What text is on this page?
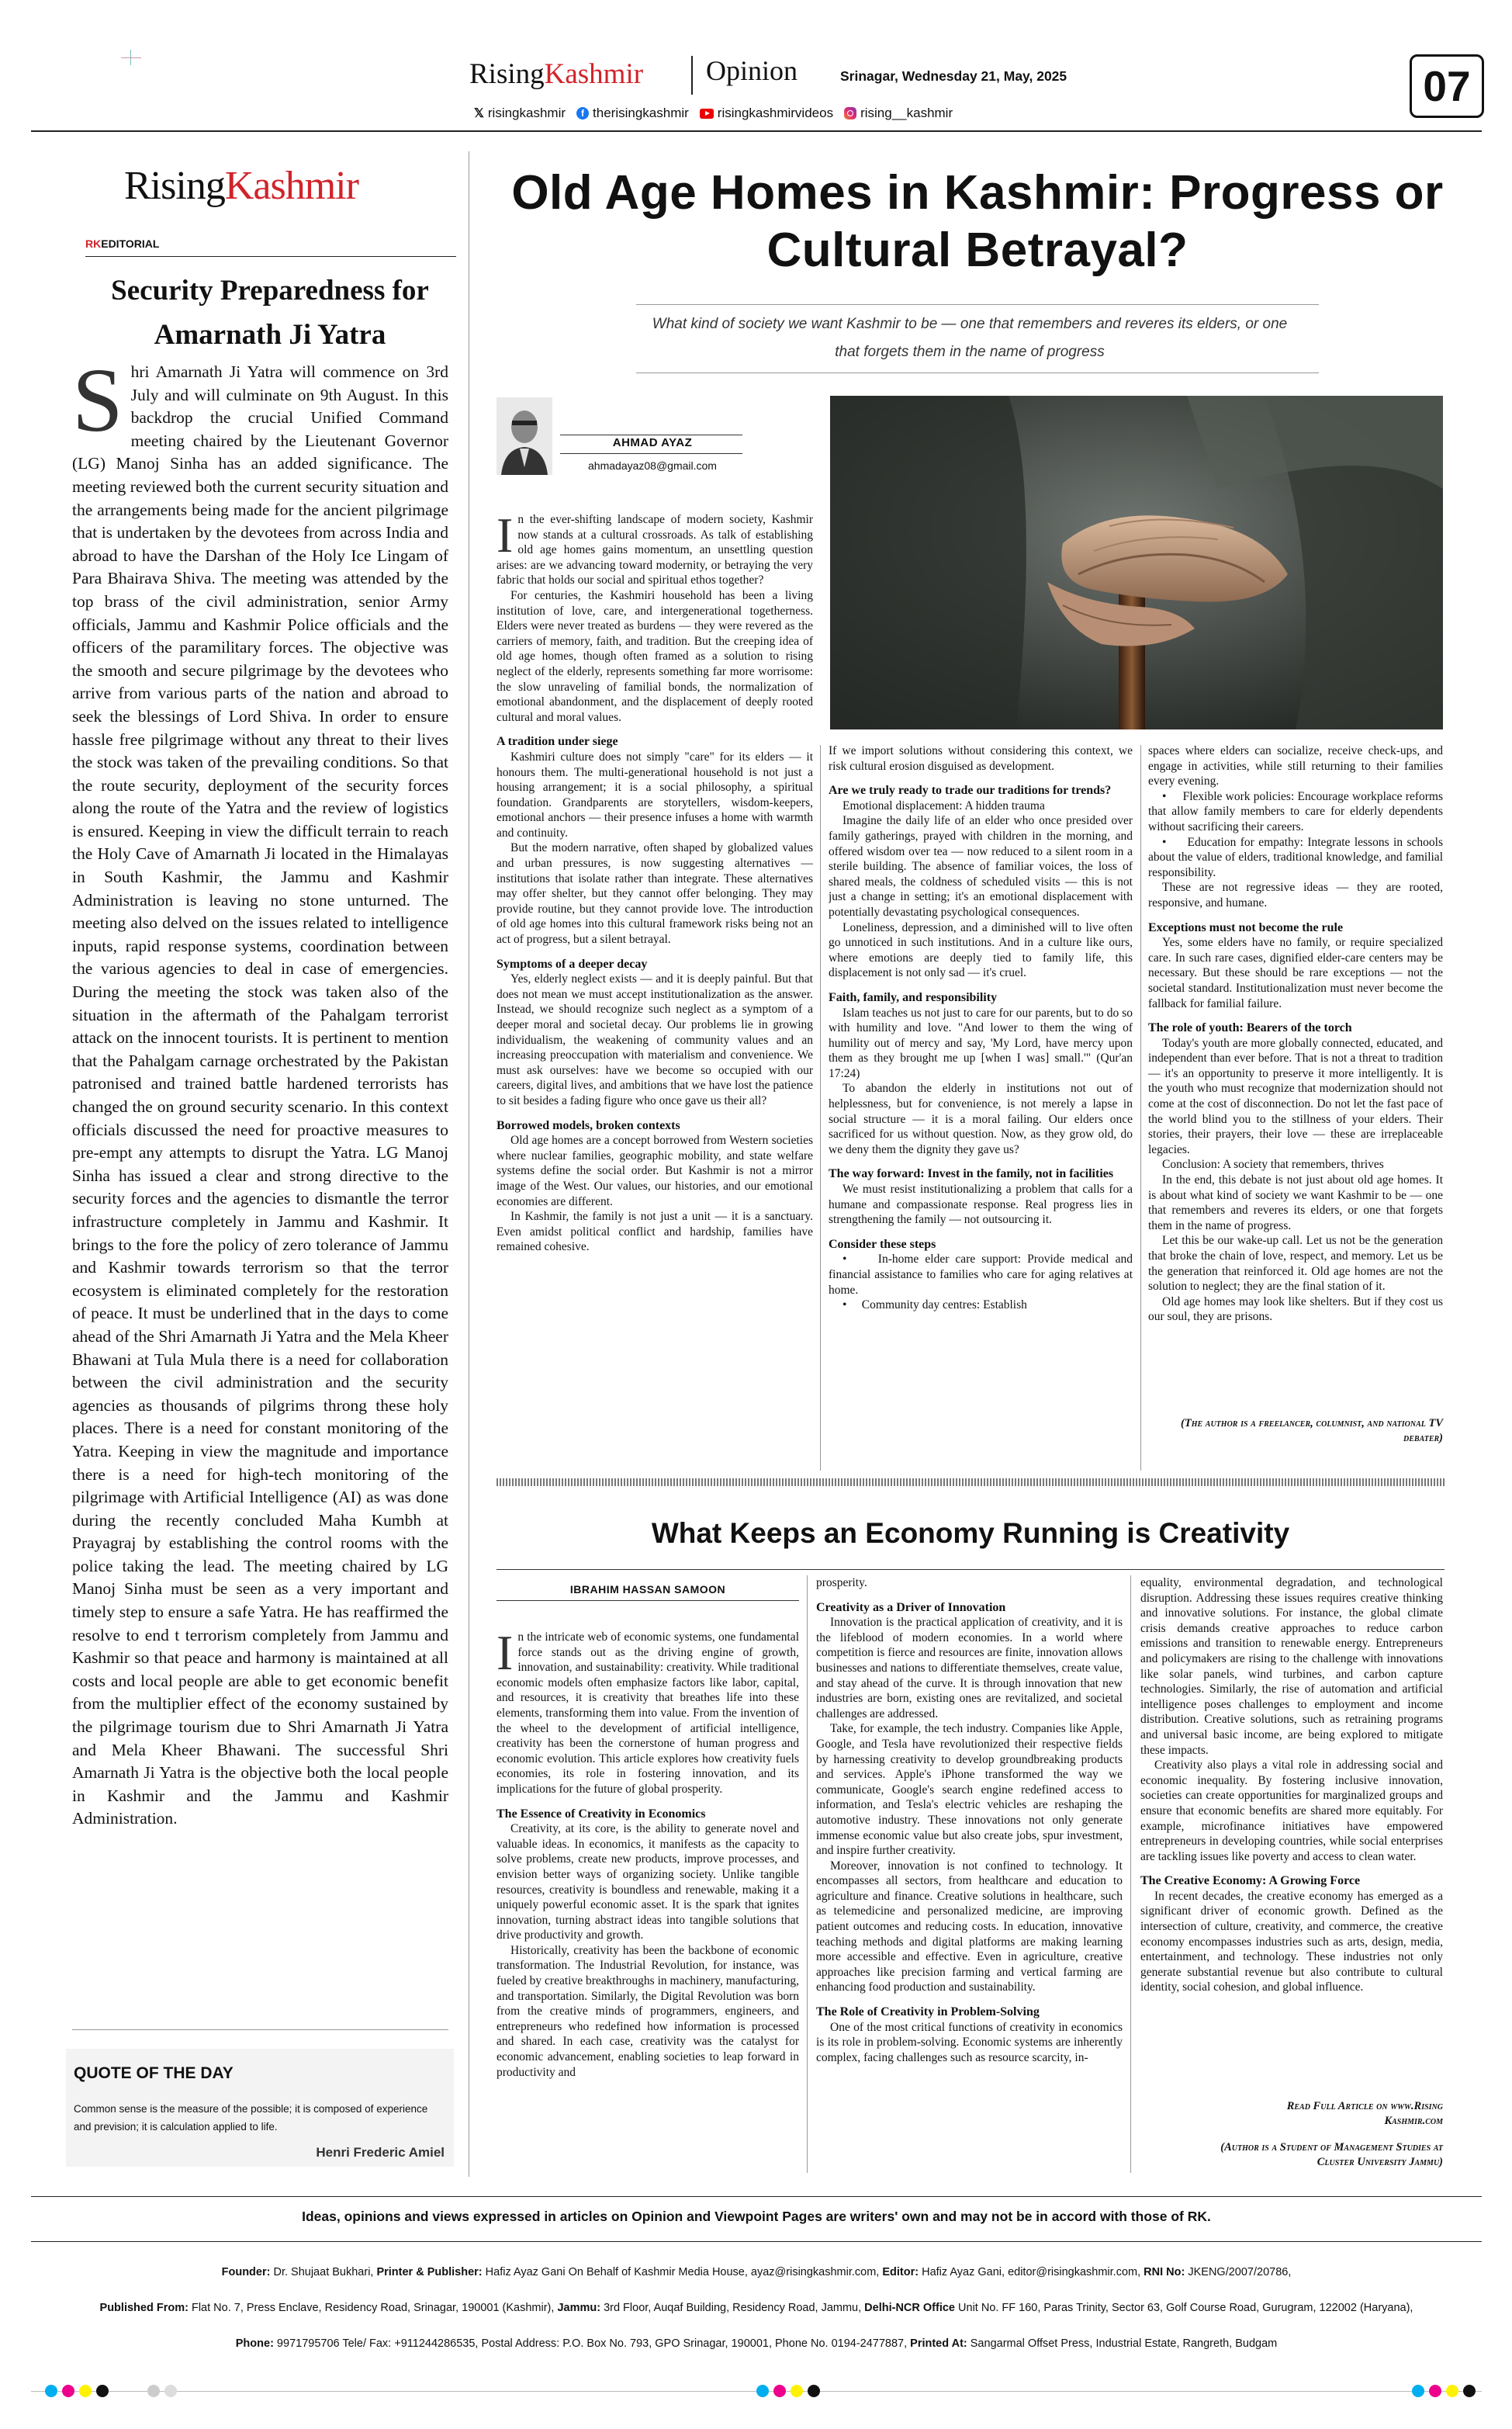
RisingKashmir Opinion	Srinagar, Wednesday 21, May, 2025
𝕏 risingkashmir	f therisingkashmir risingkashmirvideos rising__kashmir
07
RisingKashmir
RKEDITORIAL
Security Preparedness for Amarnath Ji Yatra
Shri Amarnath Ji Yatra will commence on 3rd July and will culminate on 9th August. In this backdrop the crucial Unified Command meeting chaired by the Lieutenant Governor (LG) Manoj Sinha has an added significance. The meeting reviewed both the current security situation and the arrangements being made for the ancient pilgrimage that is undertaken by the devotees from across India and abroad to have the Darshan of the Holy Ice Lingam of Para Bhairava Shiva. The meeting was attended by the top brass of the civil administration, senior Army officials, Jammu and Kashmir Police officials and the officers of the paramilitary forces. The objective was the smooth and secure pilgrimage by the devotees who arrive from various parts of the nation and abroad to seek the blessings of Lord Shiva. In order to ensure hassle free pilgrimage without any threat to their lives the stock was taken of the prevailing conditions. So that the route security, deployment of the security forces along the route of the Yatra and the review of logistics is ensured. Keeping in view the difficult terrain to reach the Holy Cave of Amarnath Ji located in the Himalayas in South Kashmir, the Jammu and Kashmir Administration is leaving no stone unturned. The meeting also delved on the issues related to intelligence inputs, rapid response systems, coordination between the various agencies to deal in case of emergencies. During the meeting the stock was taken also of the situation in the aftermath of the Pahalgam terrorist attack on the innocent tourists. It is pertinent to mention that the Pahalgam carnage orchestrated by the Pakistan patronised and trained battle hardened terrorists has changed the on ground security scenario. In this context officials discussed the need for proactive measures to pre-empt any attempts to disrupt the Yatra. LG Manoj Sinha has issued a clear and strong directive to the security forces and the agencies to dismantle the terror infrastructure completely in Jammu and Kashmir. It brings to the fore the policy of zero tolerance of Jammu and Kashmir towards terrorism so that the terror ecosystem is eliminated completely for the restoration of peace. It must be underlined that in the days to come ahead of the Shri Amarnath Ji Yatra and the Mela Kheer Bhawani at Tula Mula there is a need for collaboration between the civil administration and the security agencies as thousands of pilgrims throng these holy places. There is a need for constant monitoring of the Yatra. Keeping in view the magnitude and importance there is a need for high-tech monitoring of the pilgrimage with Artificial Intelligence (AI) as was done during the recently concluded Maha Kumbh at Prayagraj by establishing the control rooms with the police taking the lead. The meeting chaired by LG Manoj Sinha must be seen as a very important and timely step to ensure a safe Yatra. He has reaffirmed the resolve to end t terrorism completely from Jammu and Kashmir so that peace and harmony is maintained at all costs and local people are able to get economic benefit from the multiplier effect of the economy sustained by the pilgrimage tourism due to Shri Amarnath Ji Yatra and Mela Kheer Bhawani. The successful Shri Amarnath Ji Yatra is the objective both the local people in Kashmir and the Jammu and Kashmir Administration.
QUOTE OF THE DAY
Common sense is the measure of the possible; it is composed of experience and prevision; it is calculation applied to life.
Henri Frederic Amiel
Old Age Homes in Kashmir: Progress or Cultural Betrayal?
What kind of society we want Kashmir to be — one that remembers and reveres its elders, or one that forgets them in the name of progress
AHMAD AYAZ
ahmadayaz08@gmail.com
I n the ever-shifting landscape of modern society, Kashmir now stands at a cultural crossroads. As talk of establishing old age homes gains momentum, an unsettling question arises: are we advancing toward modernity, or betraying the very fabric that holds our social and spiritual ethos together?

For centuries, the Kashmiri household has been a living institution of love, care, and intergenerational togetherness. Elders were never treated as burdens — they were revered as the carriers of memory, faith, and tradition. But the creeping idea of old age homes, though often framed as a solution to rising neglect of the elderly, represents something far more worrisome: the slow unraveling of familial bonds, the normalization of emotional abandonment, and the displacement of deeply rooted cultural and moral values.

A tradition under siege

Kashmiri culture does not simply "care" for its elders — it honours them. The multi-generational household is not just a housing arrangement; it is a social philosophy, a spiritual foundation. Grandparents are storytellers, wisdom-keepers, emotional anchors — their presence infuses a home with warmth and continuity.

But the modern narrative, often shaped by globalized values and urban pressures, is now suggesting alternatives — institutions that isolate rather than integrate. These alternatives may offer shelter, but they cannot offer belonging. They may provide routine, but they cannot provide love. The introduction of old age homes into this cultural framework risks being not an act of progress, but a silent betrayal.

Symptoms of a deeper decay

Yes, elderly neglect exists — and it is deeply painful. But that does not mean we must accept institutionalization as the answer. Instead, we should recognize such neglect as a symptom of a deeper moral and societal decay. Our problems lie in growing individualism, the weakening of community values and an increasing preoccupation with materialism and convenience. We must ask ourselves: have we become so occupied with our careers, digital lives, and ambitions that we have lost the patience to sit besides a fading figure who once gave us their all?

Borrowed models, broken contexts

Old age homes are a concept borrowed from Western societies where nuclear families, geographic mobility, and state welfare systems define the social order. But Kashmir is not a mirror image of the West. Our values, our histories, and our emotional economies are different.

In Kashmir, the family is not just a unit — it is a sanctuary. Even amidst political conflict and hardship, families have remained cohesive.

If we import solutions without considering this context, we risk cultural erosion disguised as development.

Are we truly ready to trade our traditions for trends?

Emotional displacement: A hidden trauma

Imagine the daily life of an elder who once presided over family gatherings, prayed with children in the morning, and offered wisdom over tea — now reduced to a silent room in a sterile building. The absence of familiar voices, the loss of shared meals, the coldness of scheduled visits — this is not just a change in setting; it's an emotional displacement with potentially devastating psychological consequences.

Loneliness, depression, and a diminished will to live often go unnoticed in such institutions. And in a culture like ours, where emotions are deeply tied to family life, this displacement is not only sad — it's cruel.

Faith, family, and responsibility

Islam teaches us not just to care for our parents, but to do so with humility and love. "And lower to them the wing of humility out of mercy and say, 'My Lord, have mercy upon them as they brought me up [when I was] small.'" (Qur'an 17:24)

To abandon the elderly in institutions not out of helplessness, but for convenience, is not merely a lapse in social structure — it is a moral failing. Our elders once sacrificed for us without question. Now, as they grow old, do we deny them the dignity they gave us?

The way forward: Invest in the family, not in facilities

We must resist institutionalizing a problem that calls for a humane and compassionate response. Real progress lies in strengthening the family — not outsourcing it.

Consider these steps

•     In-home elder care support: Provide medical and financial assistance to families who care for aging relatives at home.

•     Community day centres: Establish

spaces where elders can socialize, receive check-ups, and engage in activities, while still returning to their families every evening.

•     Flexible work policies: Encourage workplace reforms that allow family members to care for elderly dependents without sacrificing their careers.

•     Education for empathy: Integrate lessons in schools about the value of elders, traditional knowledge, and familial responsibility.

These are not regressive ideas — they are rooted, responsive, and humane.

Exceptions must not become the rule

Yes, some elders have no family, or require specialized care. In such rare cases, dignified elder-care centers may be necessary. But these should be rare exceptions — not the societal standard. Institutionalization must never become the fallback for familial failure.

The role of youth: Bearers of the torch

Today's youth are more globally connected, educated, and independent than ever before. That is not a threat to tradition — it's an opportunity to preserve it more intelligently. It is the youth who must recognize that modernization should not come at the cost of disconnection. Do not let the fast pace of the world blind you to the stillness of your elders. Their stories, their prayers, their love — these are irreplaceable legacies.

Conclusion: A society that remembers, thrives

In the end, this debate is not just about old age homes. It is about what kind of society we want Kashmir to be — one that remembers and reveres its elders, or one that forgets them in the name of progress.

Let this be our wake-up call. Let us not be the generation that broke the chain of love, respect, and memory. Let us be the generation that reinforced it. Old age homes are not the solution to neglect; they are the final station of it.

Old age homes may look like shelters. But if they cost us our soul, they are prisons.

(The author is a freelancer, columnist, and national TV debater)
What Keeps an Economy Running is Creativity
IBRAHIM HASSAN SAMOON
I n the intricate web of economic systems, one fundamental force stands out as the driving engine of growth, innovation, and sustainability: creativity. While traditional economic models often emphasize factors like labor, capital, and resources, it is creativity that breathes life into these elements, transforming them into value. From the invention of the wheel to the development of artificial intelligence, creativity has been the cornerstone of human progress and economic evolution. This article explores how creativity fuels economies, its role in fostering innovation, and its implications for the future of global prosperity.

The Essence of Creativity in Economics

Creativity, at its core, is the ability to generate novel and valuable ideas. In economics, it manifests as the capacity to solve problems, create new products, improve processes, and envision better ways of organizing society. Unlike tangible resources, creativity is boundless and renewable, making it a uniquely powerful economic asset. It is the spark that ignites innovation, turning abstract ideas into tangible solutions that drive productivity and growth.

Historically, creativity has been the backbone of economic transformation. The Industrial Revolution, for instance, was fueled by creative breakthroughs in machinery, manufacturing, and transportation. Similarly, the Digital Revolution was born from the creative minds of programmers, engineers, and entrepreneurs who redefined how information is processed and shared. In each case, creativity was the catalyst for economic advancement, enabling societies to leap forward in productivity and

prosperity.

Creativity as a Driver of Innovation

Innovation is the practical application of creativity, and it is the lifeblood of modern economies. In a world where competition is fierce and resources are finite, innovation allows businesses and nations to differentiate themselves, create value, and stay ahead of the curve. It is through innovation that new industries are born, existing ones are revitalized, and societal challenges are addressed.

Take, for example, the tech industry. Companies like Apple, Google, and Tesla have revolutionized their respective fields by harnessing creativity to develop groundbreaking products and services. Apple's iPhone transformed the way we communicate, Google's search engine redefined access to information, and Tesla's electric vehicles are reshaping the automotive industry. These innovations not only generate immense economic value but also create jobs, spur investment, and inspire further creativity.

Moreover, innovation is not confined to technology. It encompasses all sectors, from healthcare and education to agriculture and finance. Creative solutions in healthcare, such as telemedicine and personalized medicine, are improving patient outcomes and reducing costs. In education, innovative teaching methods and digital platforms are making learning more accessible and effective. Even in agriculture, creative approaches like precision farming and vertical farming are enhancing food production and sustainability.

The Role of Creativity in Problem-Solving

One of the most critical functions of creativity in economics is its role in problem-solving. Economic systems are inherently complex, facing challenges such as resource scarcity, in-

equality, environmental degradation, and technological disruption. Addressing these issues requires creative thinking and innovative solutions. For instance, the global climate crisis demands creative approaches to reduce carbon emissions and transition to renewable energy. Entrepreneurs and policymakers are rising to the challenge with innovations like solar panels, wind turbines, and carbon capture technologies. Similarly, the rise of automation and artificial intelligence poses challenges to employment and income distribution. Creative solutions, such as retraining programs and universal basic income, are being explored to mitigate these impacts.

Creativity also plays a vital role in addressing social and economic inequality. By fostering inclusive innovation, societies can create opportunities for marginalized groups and ensure that economic benefits are shared more equitably. For example, microfinance initiatives have empowered entrepreneurs in developing countries, while social enterprises are tackling issues like poverty and access to clean water.

The Creative Economy: A Growing Force

In recent decades, the creative economy has emerged as a significant driver of economic growth. Defined as the intersection of culture, creativity, and commerce, the creative economy encompasses industries such as arts, design, media, entertainment, and technology. These industries not only generate substantial revenue but also contribute to cultural identity, social cohesion, and global influence.

Read Full Article on www.Rising Kashmir.com
(Author is a Student of Management Studies at Cluster University Jammu)
Ideas, opinions and views expressed in articles on Opinion and Viewpoint Pages are writers' own and may not be in accord with those of RK.
Founder: Dr. Shujaat Bukhari, Printer & Publisher: Hafiz Ayaz Gani On Behalf of Kashmir Media House, ayaz@risingkashmir.com, Editor: Hafiz Ayaz Gani, editor@risingkashmir.com, RNI No: JKENG/2007/20786,
Published From: Flat No. 7, Press Enclave, Residency Road, Srinagar, 190001 (Kashmir), Jammu: 3rd Floor, Auqaf Building, Residency Road, Jammu, Delhi-NCR Office Unit No. FF 160, Paras Trinity, Sector 63, Golf Course Road, Gurugram, 122002 (Haryana),
Phone: 9971795706 Tele/ Fax: +911244286535, Postal Address: P.O. Box No. 793, GPO Srinagar, 190001, Phone No. 0194-2477887, Printed At: Sangarmal Offset Press, Industrial Estate, Rangreth, Budgam
